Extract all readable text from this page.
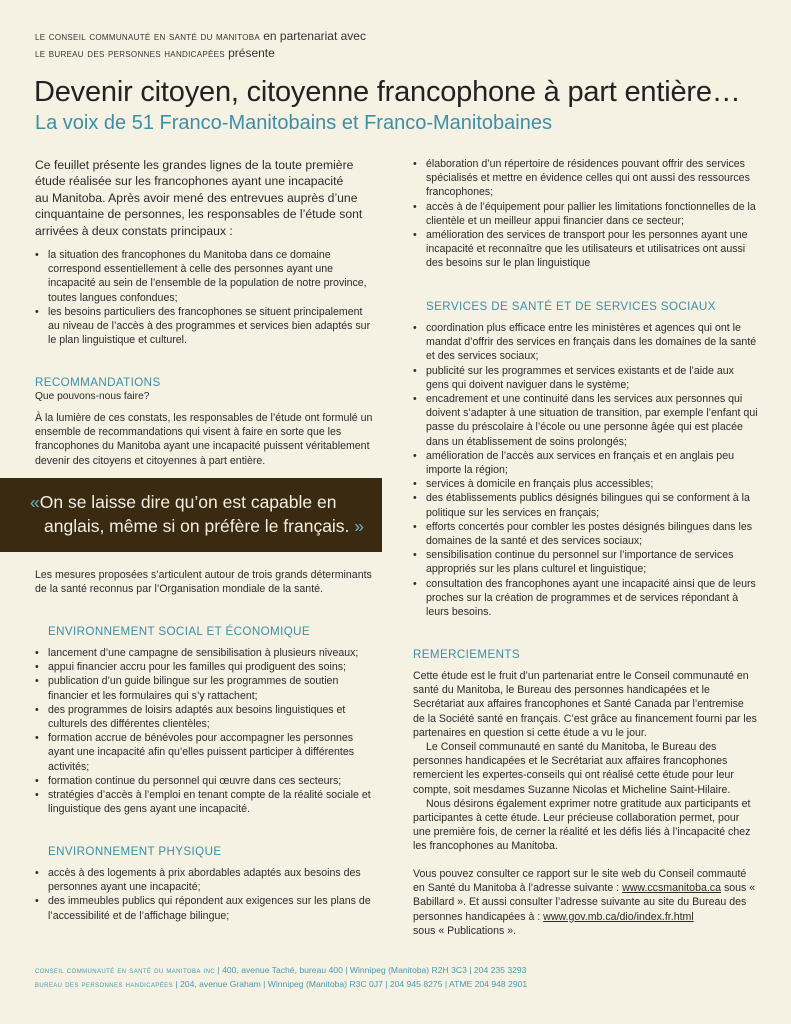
le conseil communauté en santé du manitoba en partenariat avec
le bureau des personnes handicapées présente
Devenir citoyen, citoyenne francophone à part entière…
La voix de 51 Franco-Manitobains et Franco-Manitobaines

Ce feuillet présente les grandes lignes de la toute première

étude réalisée sur les francophones ayant une incapacité

au Manitoba. Après avoir mené des entrevues auprès d’une

cinquantaine de personnes, les responsables de l’étude sont

arrivées à deux constats principaux :

• la situation des francophones du Manitoba dans ce domaine correspond essentiellement à celle des personnes ayant une incapacité au sein de l’ensemble de la population de notre province, toutes langues confondues;
• les besoins particuliers des francophones se situent principalement au niveau de l’accès à des programmes et services bien adaptés sur le plan linguistique et culturel.
RECOMMANDATIONS

Que pouvons-nous faire?

À la lumière de ces constats, les responsables de l’étude ont formulé un ensemble de recommandations qui visent à faire en sorte que les francophones du Manitoba ayant une incapacité puissent véritablement devenir des citoyens et citoyennes à part entière.

«On se laisse dire qu’on est capable en

anglais, même si on préfère le français. »

Les mesures proposées s’articulent autour de trois grands déterminants de la santé reconnus par l’Organisation mondiale de la santé.

ENVIRONNEMENT SOCIAL ET ÉCONOMIQUE
• lancement d’une campagne de sensibilisation à plusieurs niveaux;
• appui financier accru pour les familles qui prodiguent des soins;
• publication d’un guide bilingue sur les programmes de soutien financier et les formulaires qui s’y rattachent;
• des programmes de loisirs adaptés aux besoins linguistiques et culturels des différentes clientèles;
• formation accrue de bénévoles pour accompagner les personnes ayant une incapacité afin qu’elles puissent participer à différentes activités;
• formation continue du personnel qui œuvre dans ces secteurs;
• stratégies d’accès à l’emploi en tenant compte de la réalité sociale et linguistique des gens ayant une incapacité.
ENVIRONNEMENT PHYSIQUE
• accès à des logements à prix abordables adaptés aux besoins des personnes ayant une incapacité;
• des immeubles publics qui répondent aux exigences sur les plans de l’accessibilité et de l’affichage bilingue;
• élaboration d’un répertoire de résidences pouvant offrir des services spécialisés et mettre en évidence celles qui ont aussi des ressources francophones;
• accès à de l’équipement pour pallier les limitations fonctionnelles de la clientèle et un meilleur appui financier dans ce secteur;
• amélioration des services de transport pour les personnes ayant une incapacité et reconnaître que les utilisateurs et utilisatrices ont aussi des besoins sur le plan linguistique
SERVICES DE SANTÉ ET DE SERVICES SOCIAUX
• coordination plus efficace entre les ministères et agences qui ont le mandat d’offrir des services en français dans les domaines de la santé et des services sociaux;
• publicité sur les programmes et services existants et de l’aide aux gens qui doivent naviguer dans le système;
• encadrement et une continuité dans les services aux personnes qui doivent s’adapter à une situation de transition, par exemple l’enfant qui passe du préscolaire à l’école ou une personne âgée qui est placée dans un établissement de soins prolongés;
• amélioration de l’accès aux services en français et en anglais peu importe la région;
• services à domicile en français plus accessibles;
• des établissements publics désignés bilingues qui se conforment à la politique sur les services en français;
• efforts concertés pour combler les postes désignés bilingues dans les domaines de la santé et des services sociaux;
• sensibilisation continue du personnel sur l’importance de services appropriés sur les plans culturel et linguistique;
• consultation des francophones ayant une incapacité ainsi que de leurs proches sur la création de programmes et de services répondant à leurs besoins.
REMERCIEMENTS

Cette étude est le fruit d’un partenariat entre le Conseil communauté en santé du Manitoba, le Bureau des personnes handicapées et le Secrétariat aux affaires francophones et Santé Canada par l’entremise de la Société santé en français. C’est grâce au financement fourni par les partenaires en question si cette étude a vu le jour.

Le Conseil communauté en santé du Manitoba, le Bureau des personnes handicapées et le Secrétariat aux affaires francophones remercient les expertes-conseils qui ont réalisé cette étude pour leur compte, soit mesdames Suzanne Nicolas et Micheline Saint-Hilaire.

Nous désirons également exprimer notre gratitude aux participants et participantes à cette étude. Leur précieuse collaboration permet, pour une première fois, de cerner la réalité et les défis liés à l’incapacité chez les francophones au Manitoba.

Vous pouvez consulter ce rapport sur le site web du Conseil commauté en Santé du Manitoba à l’adresse suivante : www.ccsmanitoba.ca sous « Babillard ». Et aussi consulter l’adresse suivante au site du Bureau des personnes handicapées à : www.gov.mb.ca/dio/index.fr.html

sous « Publications ».

conseil communauté en santé du manitoba inc | 400, avenue Taché, bureau 400 | Winnipeg (Manitoba) R2H 3C3 | 204 235 3293
bureau des personnes handicapées | 204, avenue Graham | Winnipeg (Manitoba) R3C 0J7 | 204 945 8275 | ATME 204 948 2901
